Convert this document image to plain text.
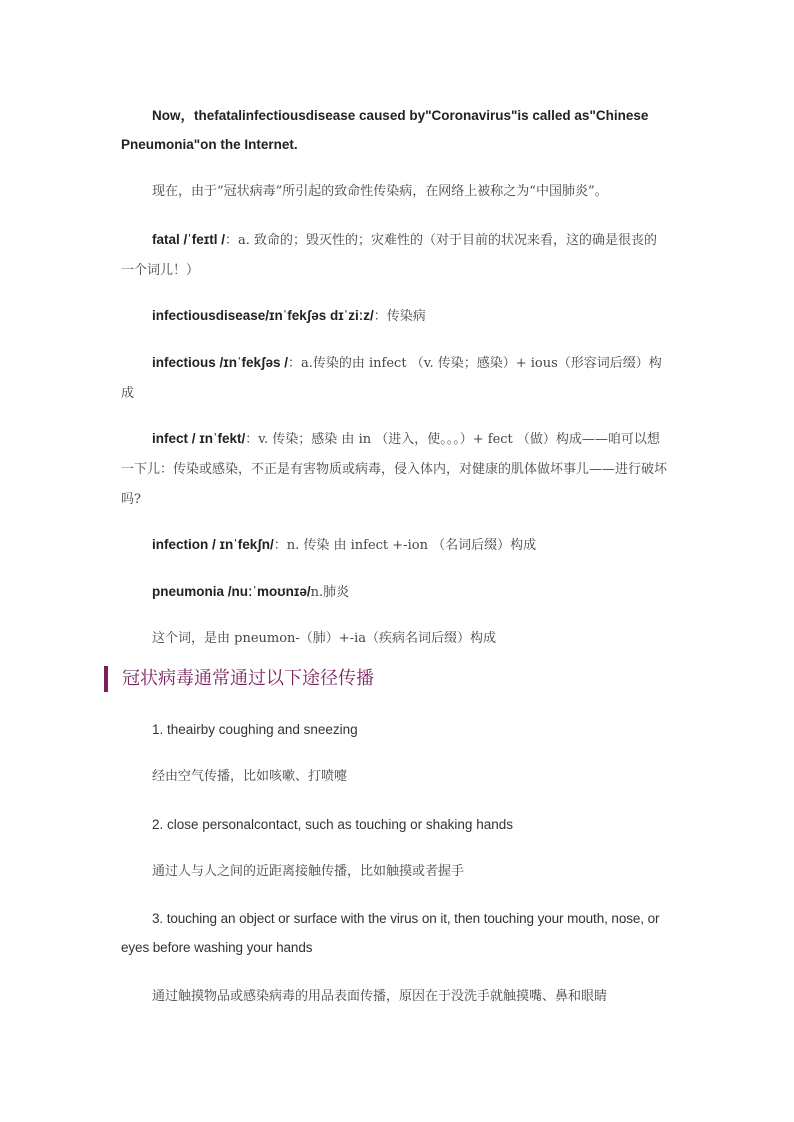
Now，thefatalinfectiousdisease caused by"Coronavirus"is called as"Chinese Pneumonia"on the Internet.

现在，由于“冠状病毒”所引起的致命性传染病，在网络上被称之为“中国肺炎”。

fatal /ˈfeɪtl /：a. 致命的；毁灭性的；灾难性的（对于目前的状况来看，这的确是很丧的一个词儿！）

infectiousdisease/ɪnˈfekʃəs dɪˈziːz/：传染病

infectious /ɪnˈfekʃəs /：a.传染的由 infect （v. 传染；感染）+ ious（形容词后缀）构成

infect / ɪnˈfekt/：v. 传染；感染 由 in （进入，使。。。）+ fect （做）构成——咱可以想一下儿：传染或感染，不正是有害物质或病毒，侵入体内，对健康的肌体做坏事儿——进行破坏吗?

infection / ɪnˈfekʃn/：n. 传染 由 infect +-ion （名词后缀）构成

pneumonia /nuːˈmoʊnɪə/n.肺炎

这个词，是由 pneumon-（肺）+-ia（疾病名词后缀）构成

冠状病毒通常通过以下途径传播

1. theairby coughing and sneezing

经由空气传播，比如咳嗽、打喷嚏

2. close personalcontact, such as touching or shaking hands

通过人与人之间的近距离接触传播，比如触摸或者握手

3. touching an object or surface with the virus on it, then touching your mouth, nose, or eyes before washing your hands

通过触摸物品或感染病毒的用品表面传播，原因在于没洗手就触摸嘴、鼻和眼睛
